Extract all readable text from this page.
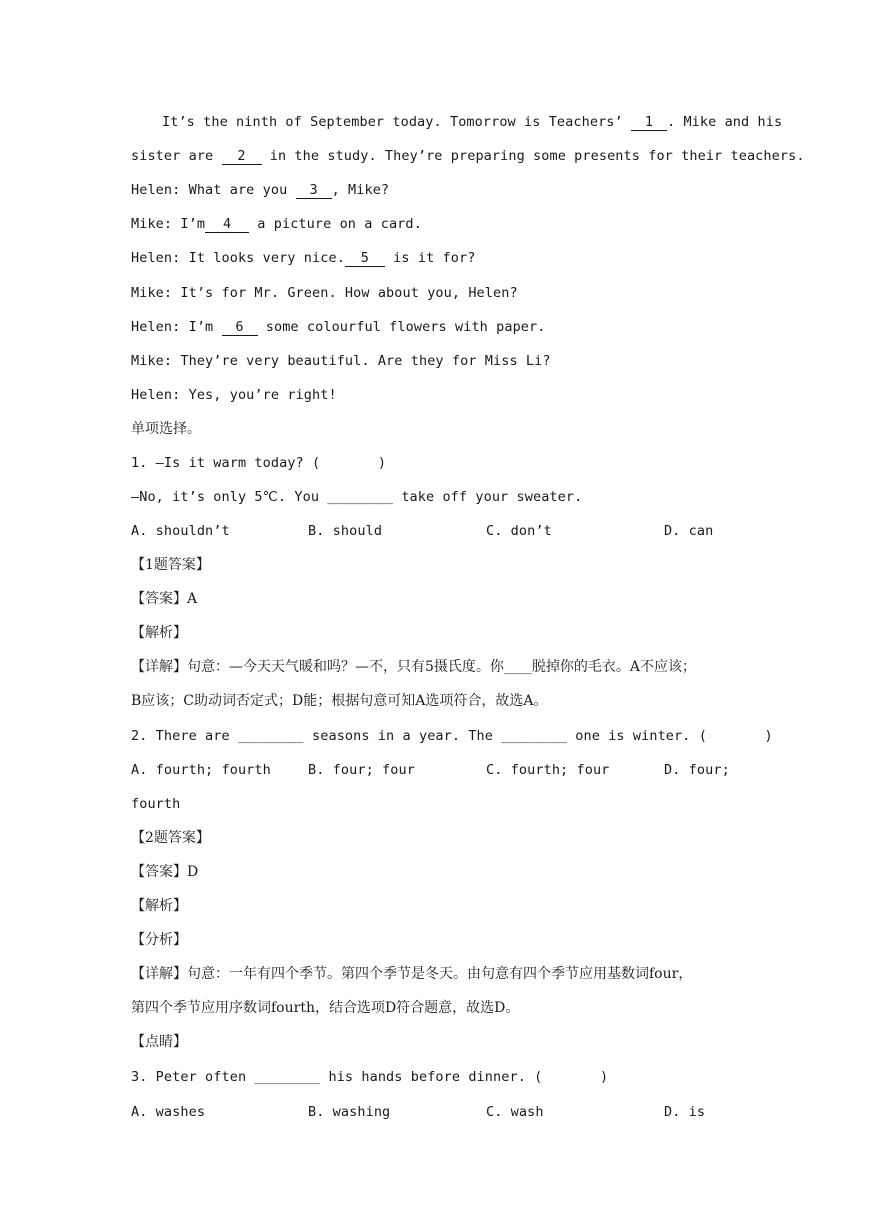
It’s the ninth of September today. Tomorrow is Teachers’ 1 . Mike and his
sister are 2 in the study. They’re preparing some presents for their teachers.
Helen: What are you 3 , Mike?
Mike: I’m 4 a picture on a card.
Helen: It looks very nice. 5 is it for?
Mike: It’s for Mr. Green. How about you, Helen?
Helen: I’m 6 some colourful flowers with paper.
Mike: They’re very beautiful. Are they for Miss Li?
Helen: Yes, you’re right!
单项选择。
1. —Is it warm today? (       )
—No, it’s only 5℃. You ________ take off your sweater.
A. shouldn’t	B. should	C. don’t	D. can
【1题答案】
【答案】A
【解析】
【详解】句意：—今天天气暖和吗？—不，只有5摄氏度。你____脱掉你的毛衣。A不应该；
B应该；C助动词否定式；D能；根据句意可知A选项符合，故选A。
2. There are ________ seasons in a year. The ________ one is winter. (       )
A. fourth; fourth	B. four; four	C. fourth; four	D. four;
fourth
【2题答案】
【答案】D
【解析】
【分析】
【详解】句意：一年有四个季节。第四个季节是冬天。由句意有四个季节应用基数词four，
第四个季节应用序数词fourth，结合选项D符合题意，故选D。
【点睛】
3. Peter often ________ his hands before dinner. (       )
A. washes	B. washing	C. wash	D. is
